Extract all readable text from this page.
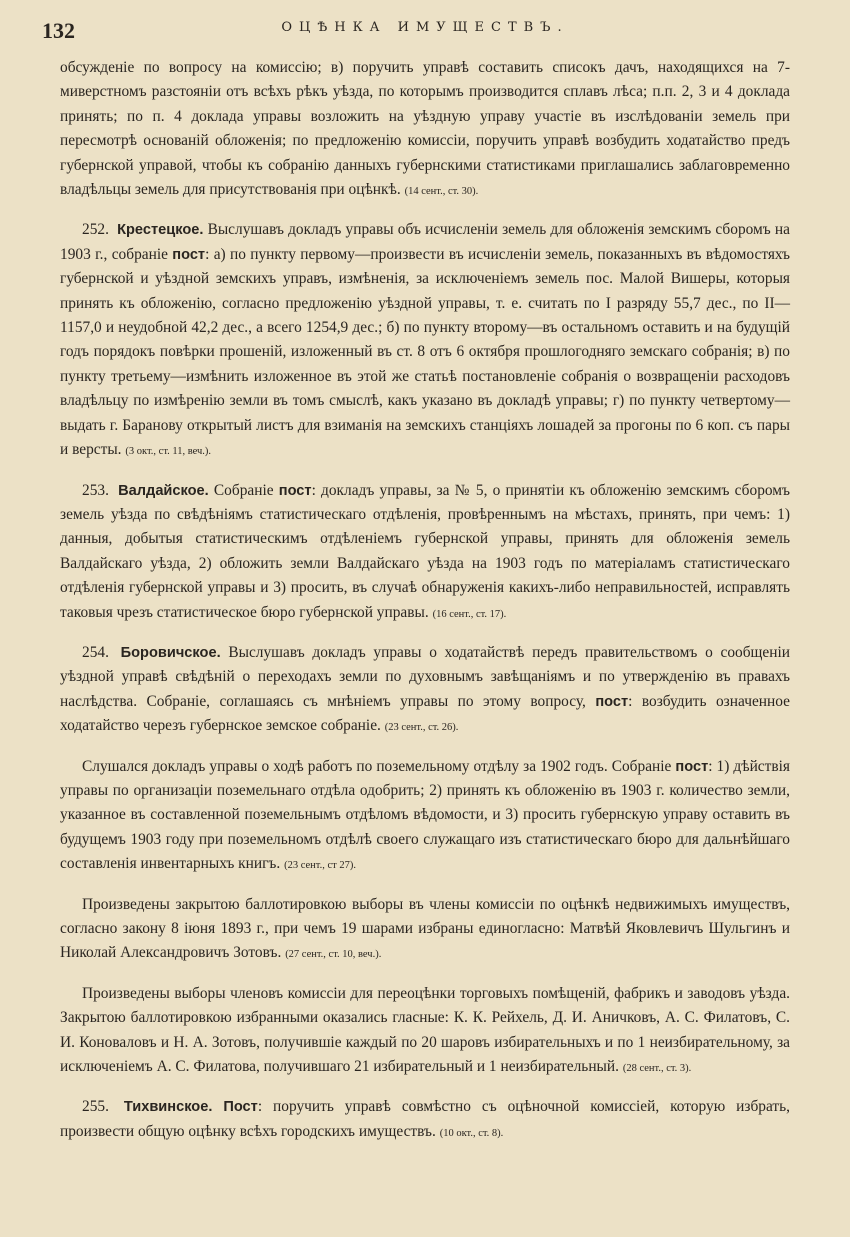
132	ОЦѢНКА ИМУЩЕСТВЪ.

обсужденіе по вопросу на комиссію; в) поручить управѣ составить списокъ дачъ, находящихся на 7-миверстномъ разстояніи отъ всѣхъ рѣкъ уѣзда, по которымъ производится сплавъ лѣса; п.п. 2, 3 и 4 доклада принять; по п. 4 доклада управы возложить на уѣздную управу участіе въ изслѣдованіи земель при пересмотрѣ основаній обложенія; по предложенію комиссіи, поручить управѣ возбудить ходатайство предъ губернской управой, чтобы къ собранію данныхъ губернскими статистиками приглашались заблаговременно владѣльцы земель для присутствованія при оцѣнкѣ. (14 сент., ст. 30).

252. Крестецкое. Выслушавъ докладъ управы объ исчисленіи земель для обложенія земскимъ сборомъ на 1903 г., собраніе пост: а) по пункту первому—произвести въ исчисленіи земель, показанныхъ въ вѣдомостяхъ губернской и уѣздной земскихъ управъ, измѣненія, за исключеніемъ земель пос. Малой Вишеры, которыя принять къ обложенію, согласно предложенію уѣздной управы, т. е. считать по I разряду 55,7 дес., по II—1157,0 и неудобной 42,2 дес., а всего 1254,9 дес.; б) по пункту второму—въ остальномъ оставить и на будущій годъ порядокъ повѣрки прошеній, изложенный въ ст. 8 отъ 6 октября прошлогодняго земскаго собранія; в) по пункту третьему—измѣнить изложенное въ этой же статьѣ постановленіе собранія о возвращеніи расходовъ владѣльцу по измѣренію земли въ томъ смыслѣ, какъ указано въ докладѣ управы; г) по пункту четвертому—выдать г. Баранову открытый листъ для взиманія на земскихъ станціяхъ лошадей за прогоны по 6 коп. съ пары и версты. (3 окт., ст. 11, веч.).

253. Валдайское. Собраніе пост: докладъ управы, за № 5, о принятіи къ обложенію земскимъ сборомъ земель уѣзда по свѣдѣніямъ статистическаго отдѣленія, провѣреннымъ на мѣстахъ, принять, при чемъ: 1) данныя, добытыя статистическимъ отдѣленіемъ губернской управы, принять для обложенія земель Валдайскаго уѣзда, 2) обложить земли Валдайскаго уѣзда на 1903 годъ по матеріаламъ статистическаго отдѣленія губернской управы и 3) просить, въ случаѣ обнаруженія какихъ-либо неправильностей, исправлять таковыя чрезъ статистическое бюро губернской управы. (16 сент., ст. 17).

254. Боровичское. Выслушавъ докладъ управы о ходатайствѣ передъ правительствомъ о сообщеніи уѣздной управѣ свѣдѣній о переходахъ земли по духовнымъ завѣщаніямъ и по утвержденію въ правахъ наслѣдства. Собраніе, соглашаясь съ мнѣніемъ управы по этому вопросу, пост: возбудить означенное ходатайство черезъ губернское земское собраніе. (23 сент., ст. 26).

Слушался докладъ управы о ходѣ работъ по поземельному отдѣлу за 1902 годъ. Собраніе пост: 1) дѣйствія управы по организаціи поземельнаго отдѣла одобрить; 2) принять къ обложенію въ 1903 г. количество земли, указанное въ составленной поземельнымъ отдѣломъ вѣдомости, и 3) просить губернскую управу оставить въ будущемъ 1903 году при поземельномъ отдѣлѣ своего служащаго изъ статистическаго бюро для дальнѣйшаго составленія инвентарныхъ книгъ. (23 сент., ст 27).

Произведены закрытою баллотировкою выборы въ члены комиссіи по оцѣнкѣ недвижимыхъ имуществъ, согласно закону 8 іюня 1893 г., при чемъ 19 шарами избраны единогласно: Матвѣй Яковлевичъ Шульгинъ и Николай Александровичъ Зотовъ. (27 сент., ст. 10, веч.).

Произведены выборы членовъ комиссіи для переоцѣнки торговыхъ помѣщеній, фабрикъ и заводовъ уѣзда. Закрытою баллотировкою избранными оказались гласные: К. К. Рейхель, Д. И. Аничковъ, А. С. Филатовъ, С. И. Коноваловъ и Н. А. Зотовъ, получившіе каждый по 20 шаровъ избирательныхъ и по 1 неизбирательному, за исключеніемъ А. С. Филатова, получившаго 21 избирательный и 1 неизбирательный. (28 сент., ст. 3).

255. Тихвинское. Пост: поручить управѣ совмѣстно съ оцѣночной комиссіей, которую избрать, произвести общую оцѣнку всѣхъ городскихъ имуществъ. (10 окт., ст. 8).
